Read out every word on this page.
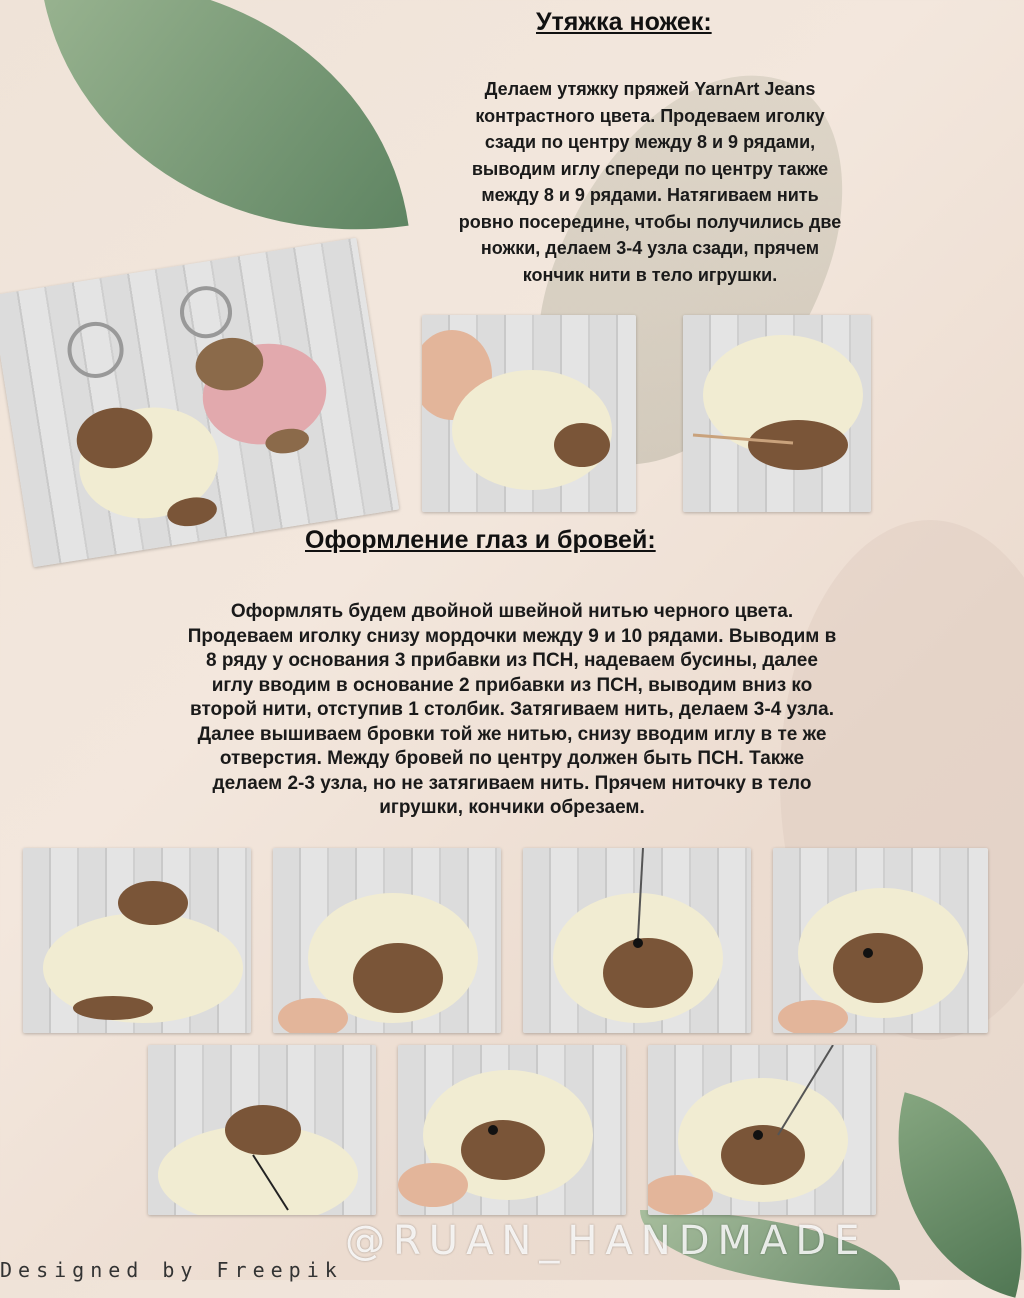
Утяжка ножек:
Делаем утяжку пряжей YarnArt Jeans
контрастного цвета. Продеваем иголку
сзади по центру между 8 и 9 рядами,
выводим иглу спереди по центру также
между 8 и 9 рядами. Натягиваем нить
ровно посередине, чтобы получились две
ножки, делаем 3-4 узла сзади, прячем
кончик нити в тело игрушки.
Оформление глаз и бровей:
Оформлять будем двойной швейной нитью черного цвета.
Продеваем иголку снизу мордочки между 9 и 10 рядами. Выводим в
8 ряду у основания 3 прибавки из ПСН, надеваем бусины, далее
иглу вводим в основание 2 прибавки из ПСН, выводим вниз ко
второй нити, отступив 1 столбик. Затягиваем нить, делаем 3-4 узла.
Далее вышиваем бровки той же нитью, снизу вводим иглу в те же
отверстия. Между бровей по центру должен быть ПСН. Также
делаем 2-3 узла, но не затягиваем нить. Прячем ниточку в тело
игрушки, кончики обрезаем.
@RUAN_HANDMADE
Designed by Freepik
